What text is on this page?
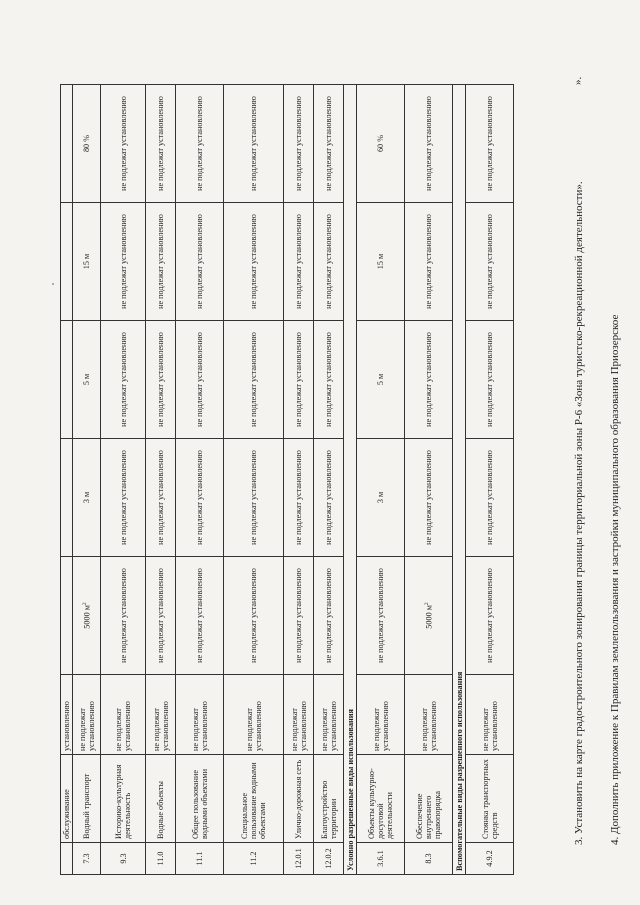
	обслуживание	установлению					
7.3	Водный транспорт	не подлежат установлению	5000 $м^2$	3 м	5 м	15 м	80 %
9.3	Историко-культурная деятельность	не подлежат установлению	не подлежат установлению	не подлежат установлению	не подлежат установлению	не подлежат установлению	не подлежат установлению
11.0	Водные объекты	не подлежат установлению	не подлежат установлению	не подлежат установлению	не подлежат установлению	не подлежат установлению	не подлежат установлению
11.1	Общее пользование водными объектами	не подлежат установлению	не подлежат установлению	не подлежат установлению	не подлежат установлению	не подлежат установлению	не подлежат установлению
11.2	Специальное пользование водными объектами	не подлежат установлению	не подлежат установлению	не подлежат установлению	не подлежат установлению	не подлежат установлению	не подлежат установлению
12.0.1	Улично-дорожная сеть	не подлежат установлению	не подлежат установлению	не подлежат установлению	не подлежат установлению	не подлежат установлению	не подлежат установлению
12.0.2	Благоустройство территории	не подлежат установлению	не подлежат установлению	не подлежат установлению	не подлежат установлению	не подлежат установлению	не подлежат установлению
Условно разрешенные виды использования							
3.6.1	Объекты культурно-досуговой деятельности	не подлежат установлению	не подлежат установлению	3 м	5 м	15 м	60 %
8.3	Обеспечение внутреннего правопорядка	не подлежат установлению	5000 $м^2$	не подлежат установлению	не подлежат установлению	не подлежат установлению	не подлежат установлению
Вспомогательные виды разрешенного использования							
4.9.2	Стоянка транспортных средств	не подлежат установлению	не подлежат установлению	не подлежат установлению	не подлежат установлению	не подлежат установлению	не подлежат установлению

3. Установить на карте градостроительного зонирования границы территориальной зоны Р-6 «Зона туристско-рекреационной деятельности». 4. Дополнить приложение к Правилам землепользования и застройки муниципального образования Приозерское

».
